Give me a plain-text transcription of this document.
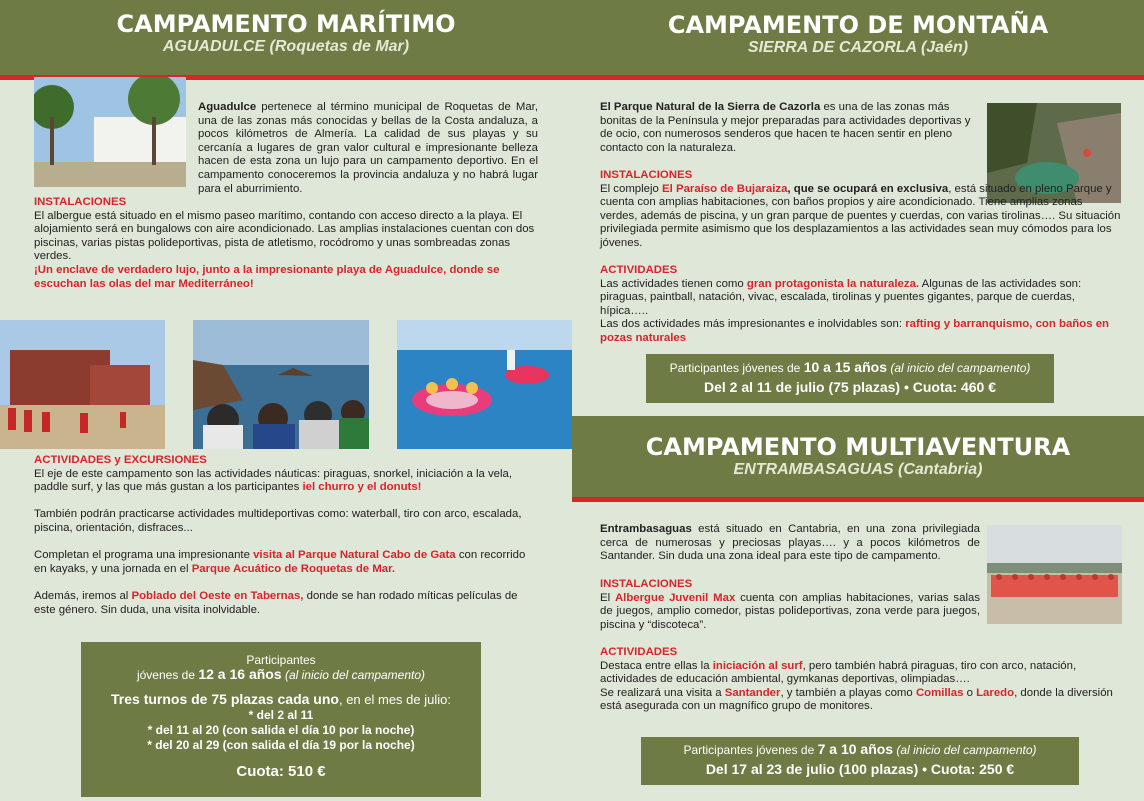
CAMPAMENTO MARÍTIMO
AGUADULCE (Roquetas de Mar)
Aguadulce pertenece al término municipal de Roquetas de Mar, una de las zonas más conocidas y bellas de la Costa andaluza, a pocos kilómetros de Almería. La calidad de sus playas y su cercanía a lugares de gran valor cultural e impresionante belleza hacen de esta zona un lujo para un campamento deportivo. En el campamento conoceremos la provincia andaluza y no habrá lugar para el aburrimiento.

INSTALACIONES

El albergue está situado en el mismo paseo marítimo, contando con acceso directo a la playa. El alojamiento será en bungalows con aire acondicionado. Las amplias instalaciones cuentan con dos piscinas, varias pistas polideportivas, pista de atletismo, rocódromo y unas sombreadas zonas verdes.

¡Un enclave de verdadero lujo, junto a la impresionante playa de Aguadulce, donde se escuchan las olas del mar Mediterráneo!

ACTIVIDADES y EXCURSIONES

El eje de este campamento son las actividades náuticas: piraguas, snorkel, iniciación a la vela, paddle surf, y las que más gustan a los participantes iel churro y el donuts!

También podrán practicarse actividades multideportivas como: waterball, tiro con arco, escalada, piscina, orientación, disfraces...

Completan el programa una impresionante visita al Parque Natural Cabo de Gata con recorrido en kayaks, y una jornada en el Parque Acuático de Roquetas de Mar.

Además, iremos al Poblado del Oeste en Tabernas, donde se han rodado míticas películas de este género. Sin duda, una visita inolvidable.

Participantes
jóvenes de 12 a 16 años (al inicio del campamento)
Tres turnos de 75 plazas cada uno, en el mes de julio:
* del 2 al 11
* del 11 al 20 (con salida el día 10 por la noche)
* del 20 al 29 (con salida el día 19 por la noche)
Cuota: 510 €
CAMPAMENTO DE MONTAÑA
SIERRA DE CAZORLA (Jaén)
El Parque Natural de la Sierra de Cazorla es una de las zonas más bonitas de la Península y mejor preparadas para actividades deportivas y de ocio, con numerosos senderos que hacen te hacen sentir en pleno contacto con la naturaleza.

INSTALACIONES

El complejo El Paraíso de Bujaraiza, que se ocupará en exclusiva, está situado en pleno Parque y cuenta con amplias habitaciones, con baños propios y aire acondicionado. Tiene amplias zonas verdes, además de piscina, y un gran parque de puentes y cuerdas, con varias tirolinas…. Su situación privilegiada permite asimismo que los desplazamientos a las actividades sean muy cómodos para los jóvenes.

ACTIVIDADES

Las actividades tienen como gran protagonista la naturaleza. Algunas de las actividades son: piraguas, paintball, natación, vivac, escalada, tirolinas y puentes gigantes, parque de cuerdas, hípica…..

Las dos actividades más impresionantes e inolvidables son: rafting y barranquismo, con baños en pozas naturales

Participantes jóvenes de 10 a 15 años (al inicio del campamento)
Del 2 al 11 de julio (75 plazas) • Cuota: 460 €
CAMPAMENTO MULTIAVENTURA
ENTRAMBASAGUAS (Cantabria)
Entrambasaguas está situado en Cantabria, en una zona privilegiada cerca de numerosas y preciosas playas…. y a pocos kilómetros de Santander. Sin duda una zona ideal para este tipo de campamento.

INSTALACIONES

El Albergue Juvenil Max cuenta con amplias habitaciones, varias salas de juegos, amplio comedor, pistas polideportivas, zona verde para juegos, piscina y “discoteca”.

ACTIVIDADES

Destaca entre ellas la iniciación al surf, pero también habrá piraguas, tiro con arco, natación, actividades de educación ambiental, gymkanas deportivas, olimpiadas….

Se realizará una visita a Santander, y también a playas como Comillas o Laredo, donde la diversión está asegurada con un magnífico grupo de monitores.

Participantes jóvenes de 7 a 10 años (al inicio del campamento)
Del 17 al 23 de julio (100 plazas) • Cuota: 250 €
